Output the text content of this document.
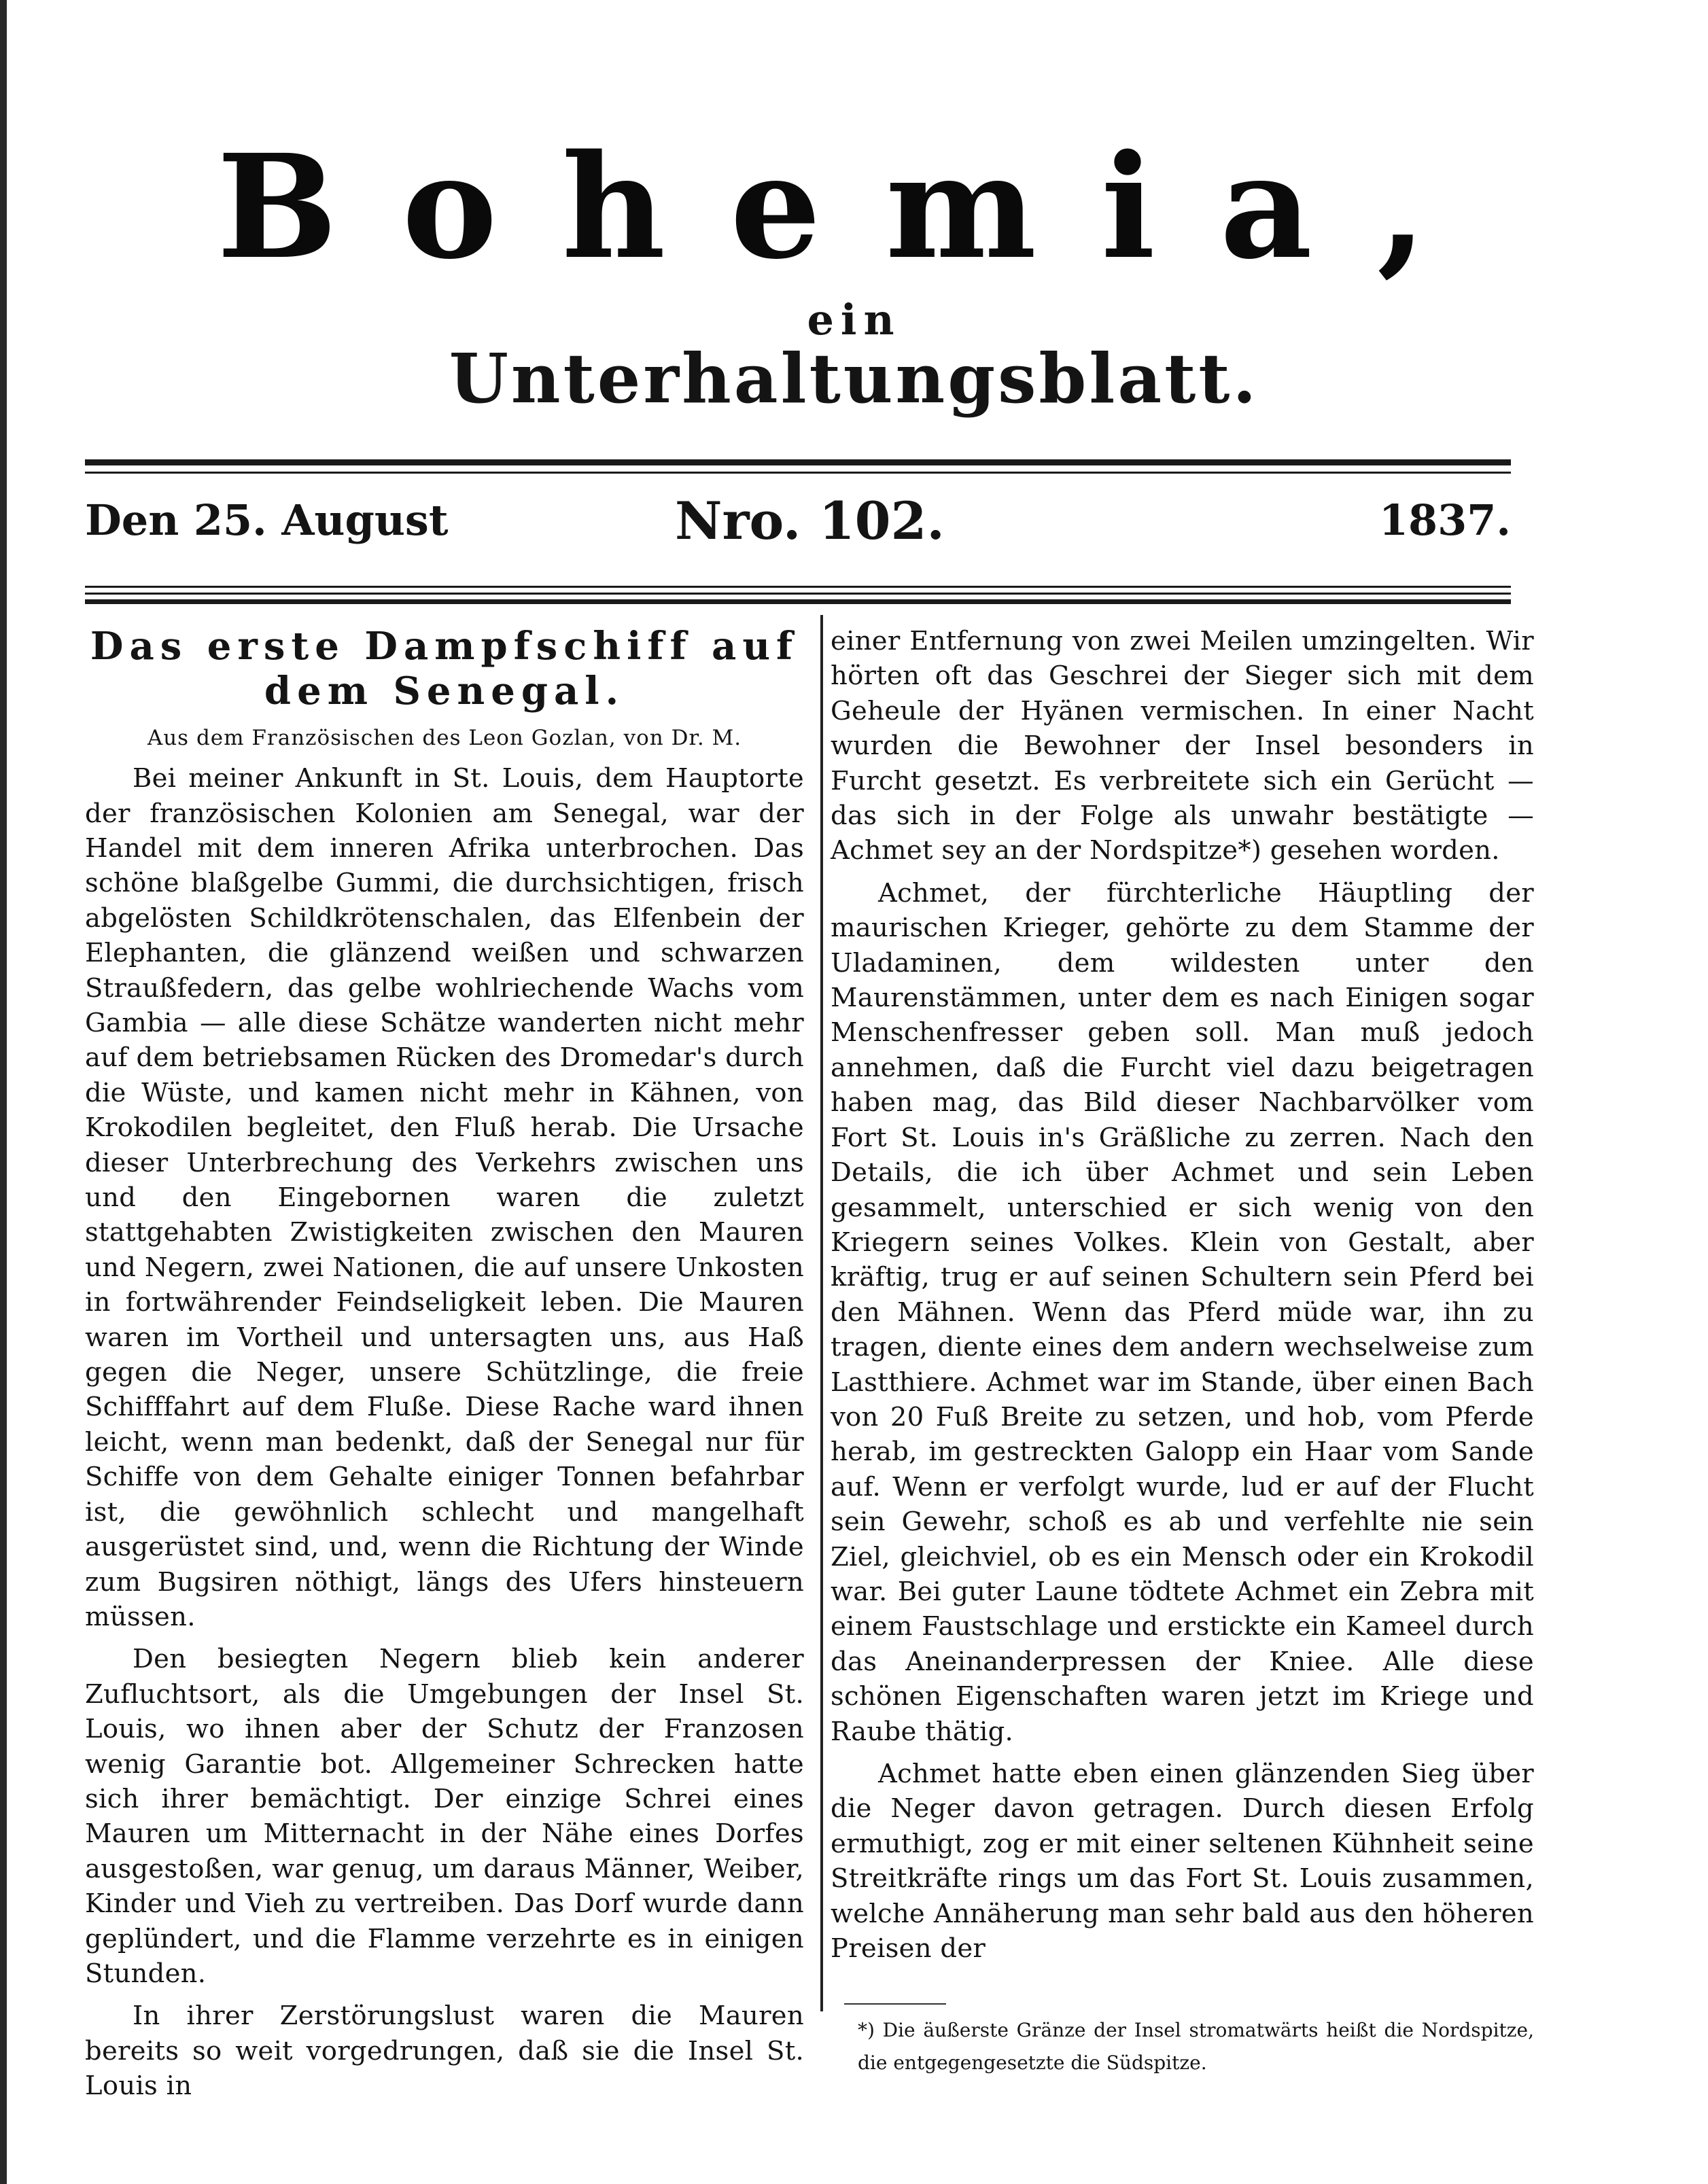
Bohemia,
ein
Unterhaltungsblatt.
Den 25. August	Nro. 102.	1837.
Das erste Dampfschiff auf dem Senegal.
Aus dem Französischen des Leon Gozlan, von Dr. M.

Bei meiner Ankunft in St. Louis, dem Hauptorte der französischen Kolonien am Senegal, war der Handel mit dem inneren Afrika unterbrochen. Das schöne blaßgelbe Gummi, die durchsichtigen, frisch abgelösten Schildkrötenschalen, das Elfenbein der Elephanten, die glänzend weißen und schwarzen Straußfedern, das gelbe wohlriechende Wachs vom Gambia — alle diese Schätze wanderten nicht mehr auf dem betriebsamen Rücken des Dromedar's durch die Wüste, und kamen nicht mehr in Kähnen, von Krokodilen begleitet, den Fluß herab. Die Ursache dieser Unterbrechung des Verkehrs zwischen uns und den Eingebornen waren die zuletzt stattgehabten Zwistigkeiten zwischen den Mauren und Negern, zwei Nationen, die auf unsere Unkosten in fortwährender Feindseligkeit leben. Die Mauren waren im Vortheil und untersagten uns, aus Haß gegen die Neger, unsere Schützlinge, die freie Schifffahrt auf dem Fluße. Diese Rache ward ihnen leicht, wenn man bedenkt, daß der Senegal nur für Schiffe von dem Gehalte einiger Tonnen befahrbar ist, die gewöhnlich schlecht und mangelhaft ausgerüstet sind, und, wenn die Richtung der Winde zum Bugsiren nöthigt, längs des Ufers hinsteuern müssen.

Den besiegten Negern blieb kein anderer Zufluchtsort, als die Umgebungen der Insel St. Louis, wo ihnen aber der Schutz der Franzosen wenig Garantie bot. Allgemeiner Schrecken hatte sich ihrer bemächtigt. Der einzige Schrei eines Mauren um Mitternacht in der Nähe eines Dorfes ausgestoßen, war genug, um daraus Männer, Weiber, Kinder und Vieh zu vertreiben. Das Dorf wurde dann geplündert, und die Flamme verzehrte es in einigen Stunden.

In ihrer Zerstörungslust waren die Mauren bereits so weit vorgedrungen, daß sie die Insel St. Louis in

einer Entfernung von zwei Meilen umzingelten. Wir hörten oft das Geschrei der Sieger sich mit dem Geheule der Hyänen vermischen. In einer Nacht wurden die Bewohner der Insel besonders in Furcht gesetzt. Es verbreitete sich ein Gerücht — das sich in der Folge als unwahr bestätigte — Achmet sey an der Nordspitze*) gesehen worden.

Achmet, der fürchterliche Häuptling der maurischen Krieger, gehörte zu dem Stamme der Uladaminen, dem wildesten unter den Maurenstämmen, unter dem es nach Einigen sogar Menschenfresser geben soll. Man muß jedoch annehmen, daß die Furcht viel dazu beigetragen haben mag, das Bild dieser Nachbarvölker vom Fort St. Louis in's Gräßliche zu zerren. Nach den Details, die ich über Achmet und sein Leben gesammelt, unterschied er sich wenig von den Kriegern seines Volkes. Klein von Gestalt, aber kräftig, trug er auf seinen Schultern sein Pferd bei den Mähnen. Wenn das Pferd müde war, ihn zu tragen, diente eines dem andern wechselweise zum Lastthiere. Achmet war im Stande, über einen Bach von 20 Fuß Breite zu setzen, und hob, vom Pferde herab, im gestreckten Galopp ein Haar vom Sande auf. Wenn er verfolgt wurde, lud er auf der Flucht sein Gewehr, schoß es ab und verfehlte nie sein Ziel, gleichviel, ob es ein Mensch oder ein Krokodil war. Bei guter Laune tödtete Achmet ein Zebra mit einem Faustschlage und erstickte ein Kameel durch das Aneinanderpressen der Kniee. Alle diese schönen Eigenschaften waren jetzt im Kriege und Raube thätig.

Achmet hatte eben einen glänzenden Sieg über die Neger davon getragen. Durch diesen Erfolg ermuthigt, zog er mit einer seltenen Kühnheit seine Streitkräfte rings um das Fort St. Louis zusammen, welche Annäherung man sehr bald aus den höheren Preisen der

*) Die äußerste Gränze der Insel stromatwärts heißt die Nordspitze, die entgegengesetzte die Südspitze.
